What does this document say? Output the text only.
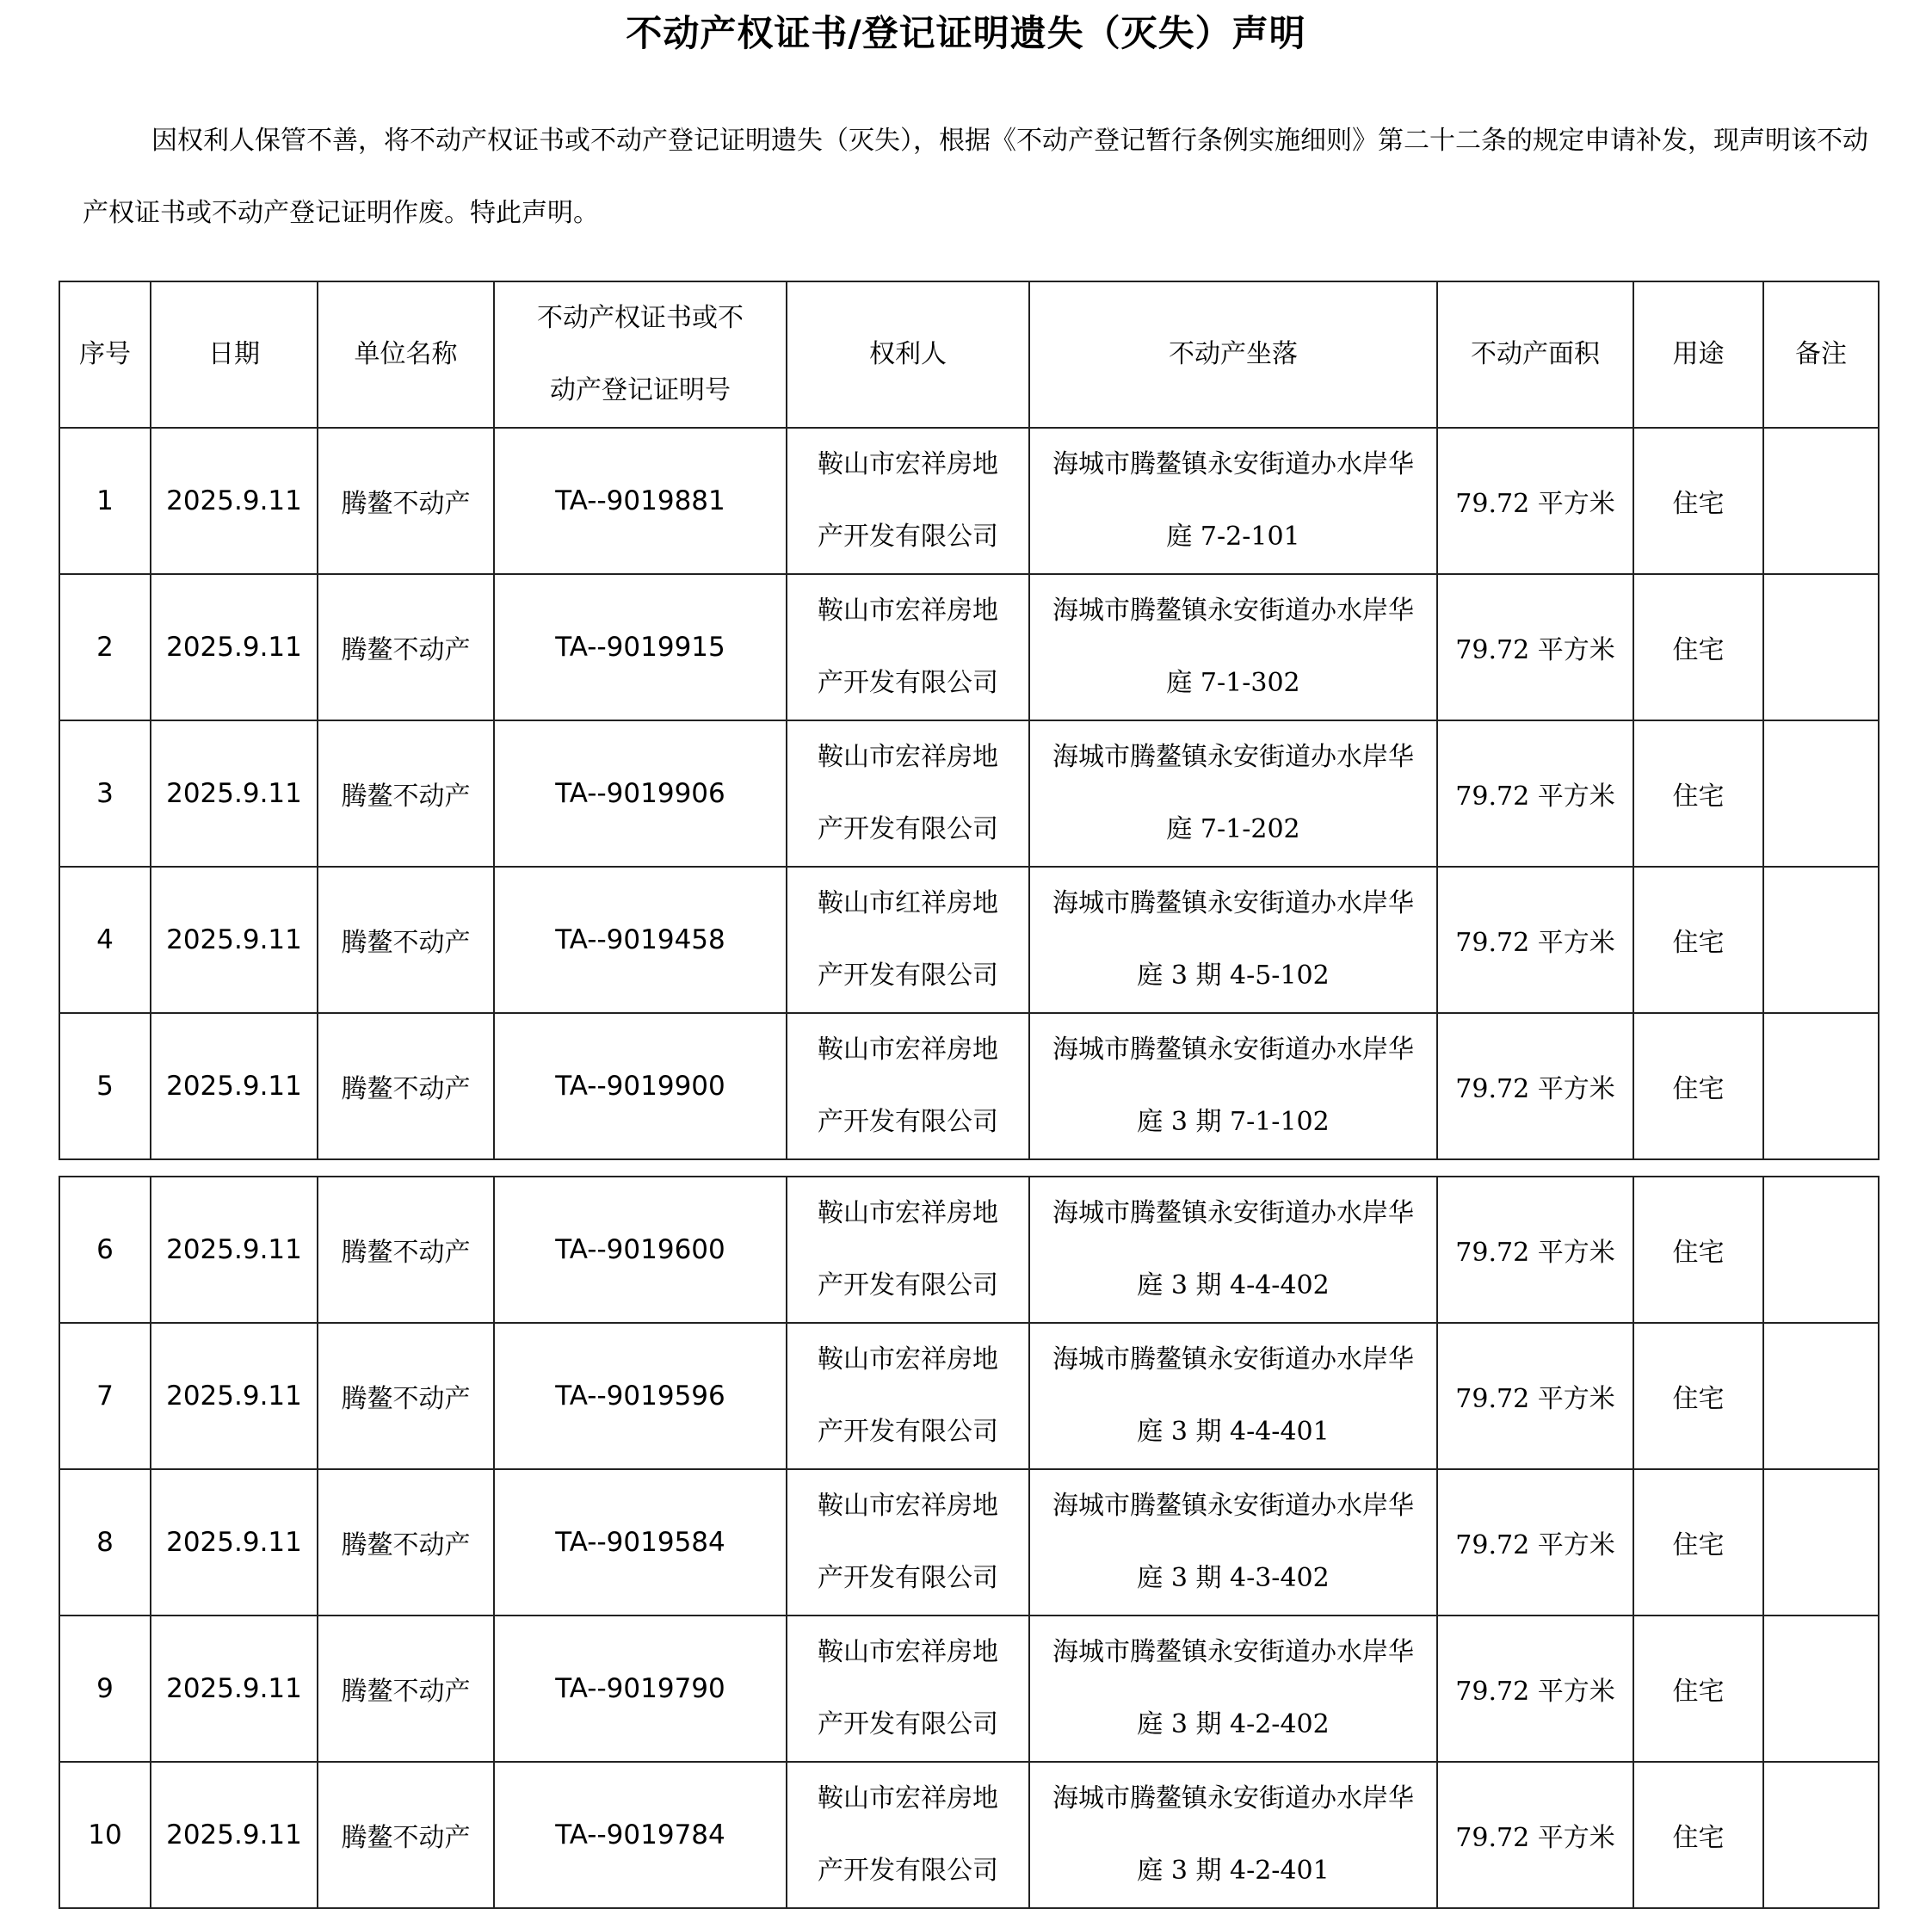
不动产权证书/登记证明遗失（灭失）声明

因权利人保管不善，将不动产权证书或不动产登记证明遗失（灭失），根据《不动产登记暂行条例实施细则》第二十二条的规定申请补发，现声明该不动产权证书或不动产登记证明作废。特此声明。

序号	日期	单位名称	不动产权证书或不动产登记证明号	权利人	不动产坐落	不动产面积	用途	备注
1	2025.9.11	腾鳌不动产	TA--9019881	鞍山市宏祥房地产开发有限公司	海城市腾鳌镇永安街道办水岸华庭 7-2-101	79.72 平方米	住宅	
2	2025.9.11	腾鳌不动产	TA--9019915	鞍山市宏祥房地产开发有限公司	海城市腾鳌镇永安街道办水岸华庭 7-1-302	79.72 平方米	住宅	
3	2025.9.11	腾鳌不动产	TA--9019906	鞍山市宏祥房地产开发有限公司	海城市腾鳌镇永安街道办水岸华庭 7-1-202	79.72 平方米	住宅	
4	2025.9.11	腾鳌不动产	TA--9019458	鞍山市红祥房地产开发有限公司	海城市腾鳌镇永安街道办水岸华庭 3 期 4-5-102	79.72 平方米	住宅	
5	2025.9.11	腾鳌不动产	TA--9019900	鞍山市宏祥房地产开发有限公司	海城市腾鳌镇永安街道办水岸华庭 3 期 7-1-102	79.72 平方米	住宅	
6	2025.9.11	腾鳌不动产	TA--9019600	鞍山市宏祥房地产开发有限公司	海城市腾鳌镇永安街道办水岸华庭 3 期 4-4-402	79.72 平方米	住宅	
7	2025.9.11	腾鳌不动产	TA--9019596	鞍山市宏祥房地产开发有限公司	海城市腾鳌镇永安街道办水岸华庭 3 期 4-4-401	79.72 平方米	住宅	
8	2025.9.11	腾鳌不动产	TA--9019584	鞍山市宏祥房地产开发有限公司	海城市腾鳌镇永安街道办水岸华庭 3 期 4-3-402	79.72 平方米	住宅	
9	2025.9.11	腾鳌不动产	TA--9019790	鞍山市宏祥房地产开发有限公司	海城市腾鳌镇永安街道办水岸华庭 3 期 4-2-402	79.72 平方米	住宅	
10	2025.9.11	腾鳌不动产	TA--9019784	鞍山市宏祥房地产开发有限公司	海城市腾鳌镇永安街道办水岸华庭 3 期 4-2-401	79.72 平方米	住宅	
